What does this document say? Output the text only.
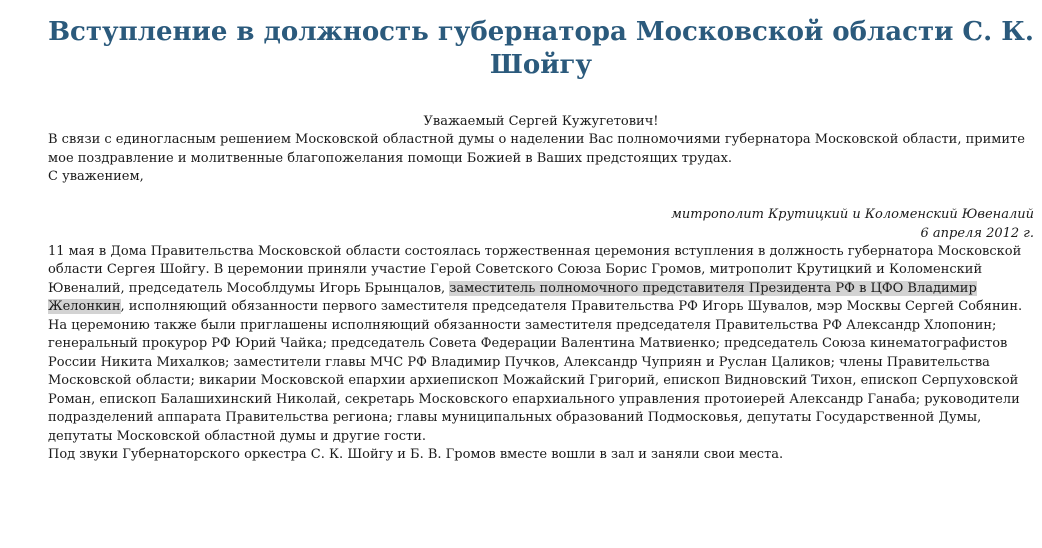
Вступление в должность губернатора Московской области С. К. Шойгу
Уважаемый Сергей Кужугетович!

В связи с единогласным решением Московской областной думы о наделении Вас полномочиями губернатора Московской области, примите мое поздравление и молитвенные благопожелания помощи Божией в Ваших предстоящих трудах.

С уважением,

митрополит Крутицкий и Коломенский Ювеналий
6 апреля 2012 г.

11 мая в Дома Правительства Московской области состоялась торжественная церемония вступления в должность губернатора Московской области Сергея Шойгу. В церемонии приняли участие Герой Советского Союза Борис Громов, митрополит Крутицкий и Коломенский Ювеналий, председатель Мособлдумы Игорь Брынцалов, заместитель полномочного представителя Президента РФ в ЦФО Владимир Желонкин, исполняющий обязанности первого заместителя председателя Правительства РФ Игорь Шувалов, мэр Москвы Сергей Собянин.

На церемонию также были приглашены исполняющий обязанности заместителя председателя Правительства РФ Александр Хлопонин; генеральный прокурор РФ Юрий Чайка; председатель Совета Федерации Валентина Матвиенко; председатель Союза кинематографистов России Никита Михалков; заместители главы МЧС РФ Владимир Пучков, Александр Чуприян и Руслан Цаликов; члены Правительства Московской области; викарии Московской епархии архиепископ Можайский Григорий, епископ Видновский Тихон, епископ Серпуховской Роман, епископ Балашихинский Николай, секретарь Московского епархиального управления протоиерей Александр Ганаба; руководители подразделений аппарата Правительства региона; главы муниципальных образований Подмосковья, депутаты Государственной Думы, депутаты Московской областной думы и другие гости.

Под звуки Губернаторского оркестра С. К. Шойгу и Б. В. Громов вместе вошли в зал и заняли свои места.
